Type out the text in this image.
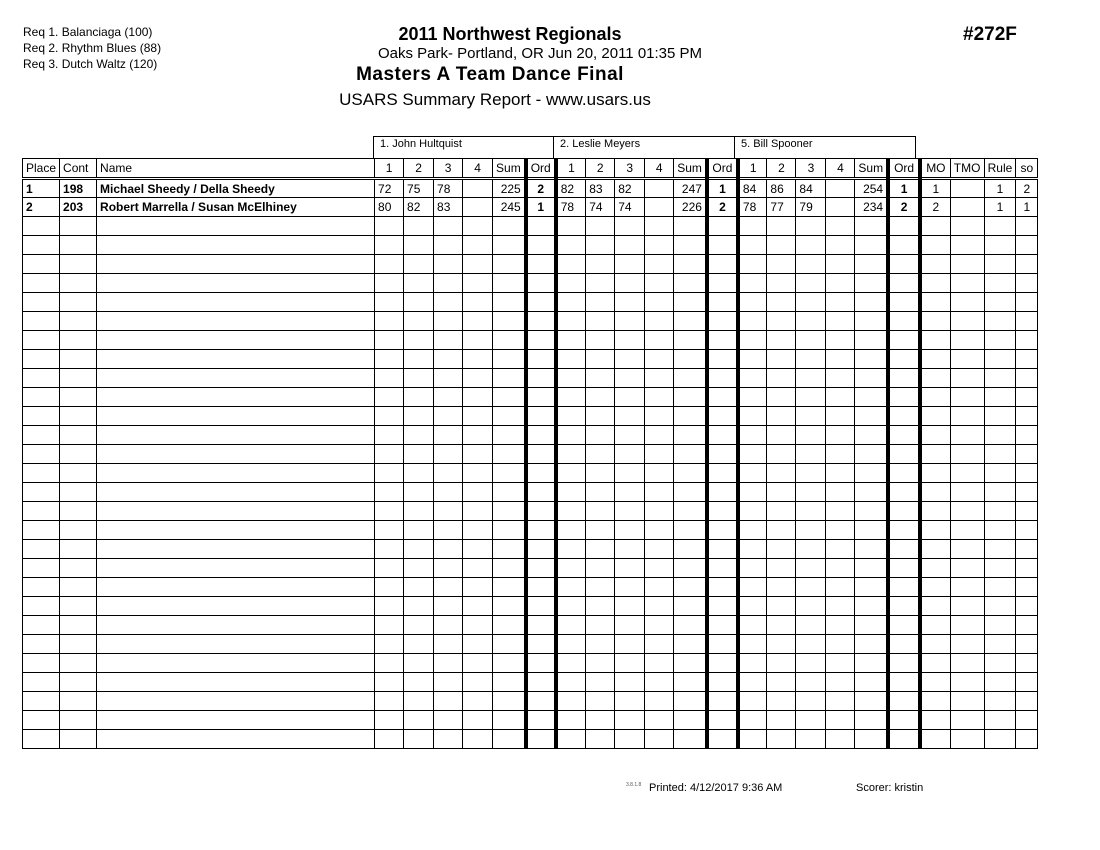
Req 1. Balanciaga (100)
Req 2. Rhythm Blues (88)
Req 3. Dutch Waltz (120)
2011 Northwest Regionals
Oaks Park- Portland, OR Jun 20, 2011 01:35 PM
Masters A Team Dance Final
USARS Summary Report - www.usars.us
#272F
1. John Hultquist	2. Leslie Meyers	5. Bill Spooner
Place	Cont	Name	1	2	3	4	Sum	Ord	1	2	3	4	Sum	Ord	1	2	3	4	Sum	Ord	MO	TMO	Rule	so
1	198	Michael Sheedy / Della Sheedy	72	75	78		225	2	82	83	82		247	1	84	86	84		254	1	1		1	2
2	203	Robert Marrella / Susan McElhiney	80	82	83		245	1	78	74	74		226	2	78	77	79		234	2	2		1	1

3.8.1.8 Printed: 4/12/2017 9:36 AM	Scorer: kristin
